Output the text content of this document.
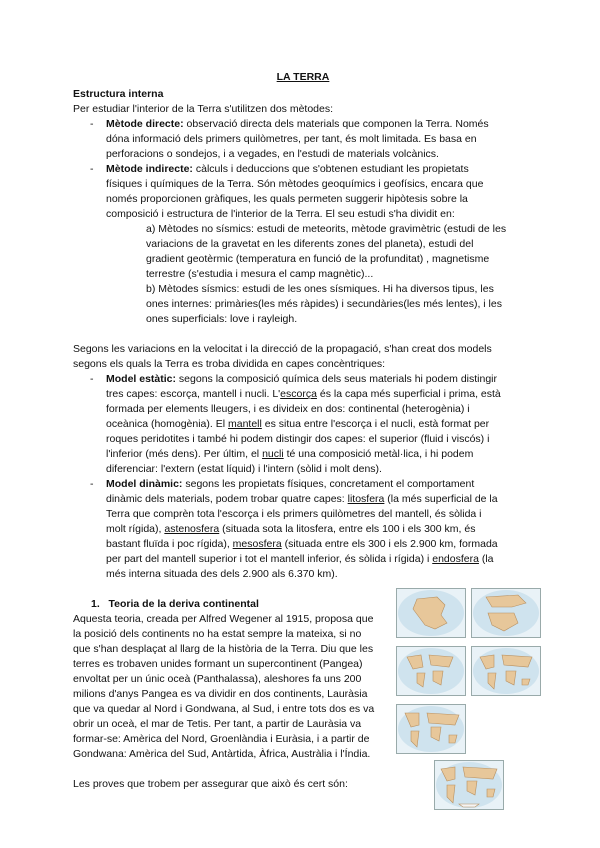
LA TERRA
Estructura interna

Per estudiar l'interior de la Terra s'utilitzen dos mètodes:

- Mètode directe: observació directa dels materials que componen la Terra. Només
dóna informació dels primers quilòmetres, per tant, és molt limitada. Es basa en
perforacions o sondejos, i a vegades, en l'estudi de materials volcànics.
- Mètode indirecte: càlculs i deduccions que s'obtenen estudiant les propietats
físiques i químiques de la Terra. Són mètodes geoquímics i geofísics, encara que
només proporcionen gràfiques, les quals permeten suggerir hipòtesis sobre la
composició i estructura de l'interior de la Terra. El seu estudi s'ha dividit en:
a) Mètodes no sísmics: estudi de meteorits, mètode gravimètric (estudi de les
variacions de la gravetat en les diferents zones del planeta), estudi del
gradient geotèrmic (temperatura en funció de la profunditat) , magnetisme
terrestre (s'estudia i mesura el camp magnètic)...
b) Mètodes sísmics: estudi de les ones sísmiques. Hi ha diversos tipus, les
ones internes: primàries(les més ràpides) i secundàries(les més lentes), i les
ones superficials: love i rayleigh.

Segons les variacions en la velocitat i la direcció de la propagació, s'han creat dos models
segons els quals la Terra es troba dividida en capes concèntriques:

- Model estàtic: segons la composició química dels seus materials hi podem distingir
tres capes: escorça, mantell i nucli. L'escorça és la capa més superficial i prima, està
formada per elements lleugers, i es divideix en dos: continental (heterogènia) i
oceànica (homogènia). El mantell es situa entre l'escorça i el nucli, està format per
roques peridotites i també hi podem distingir dos capes: el superior (fluid i viscós) i
l'inferior (més dens). Per últim, el nucli té una composició metàl·lica, i hi podem
diferenciar: l'extern (estat líquid) i l'intern (sòlid i molt dens).
- Model dinàmic: segons les propietats físiques, concretament el comportament
dinàmic dels materials, podem trobar quatre capes: litosfera (la més superficial de la
Terra que comprèn tota l'escorça i els primers quilòmetres del mantell, és sòlida i
molt rígida), astenosfera (situada sota la litosfera, entre els 100 i els 300 km, és
bastant fluïda i poc rígida), mesosfera (situada entre els 300 i els 2.900 km, formada
per part del mantell superior i tot el mantell inferior, és sòlida i rígida) i endosfera (la
més interna situada des dels 2.900 als 6.370 km).
1. Teoria de la deriva continental
Aquesta teoria, creada per Alfred Wegener al 1915, proposa que
la posició dels continents no ha estat sempre la mateixa, si no
que s'han desplaçat al llarg de la història de la Terra. Diu que les
terres es trobaven unides formant un supercontinent (Pangea)
envoltat per un únic oceà (Panthalassa), aleshores fa uns 200
milions d'anys Pangea es va dividir en dos continents, Lauràsia
que va quedar al Nord i Gondwana, al Sud, i entre tots dos es va
obrir un oceà, el mar de Tetis. Per tant, a partir de Lauràsia va
formar-se: Amèrica del Nord, Groenlàndia i Euràsia, i a partir de
Gondwana: Amèrica del Sud, Antàrtida, Àfrica, Austràlia i l'Índia.

Les proves que trobem per assegurar que això és cert són:
